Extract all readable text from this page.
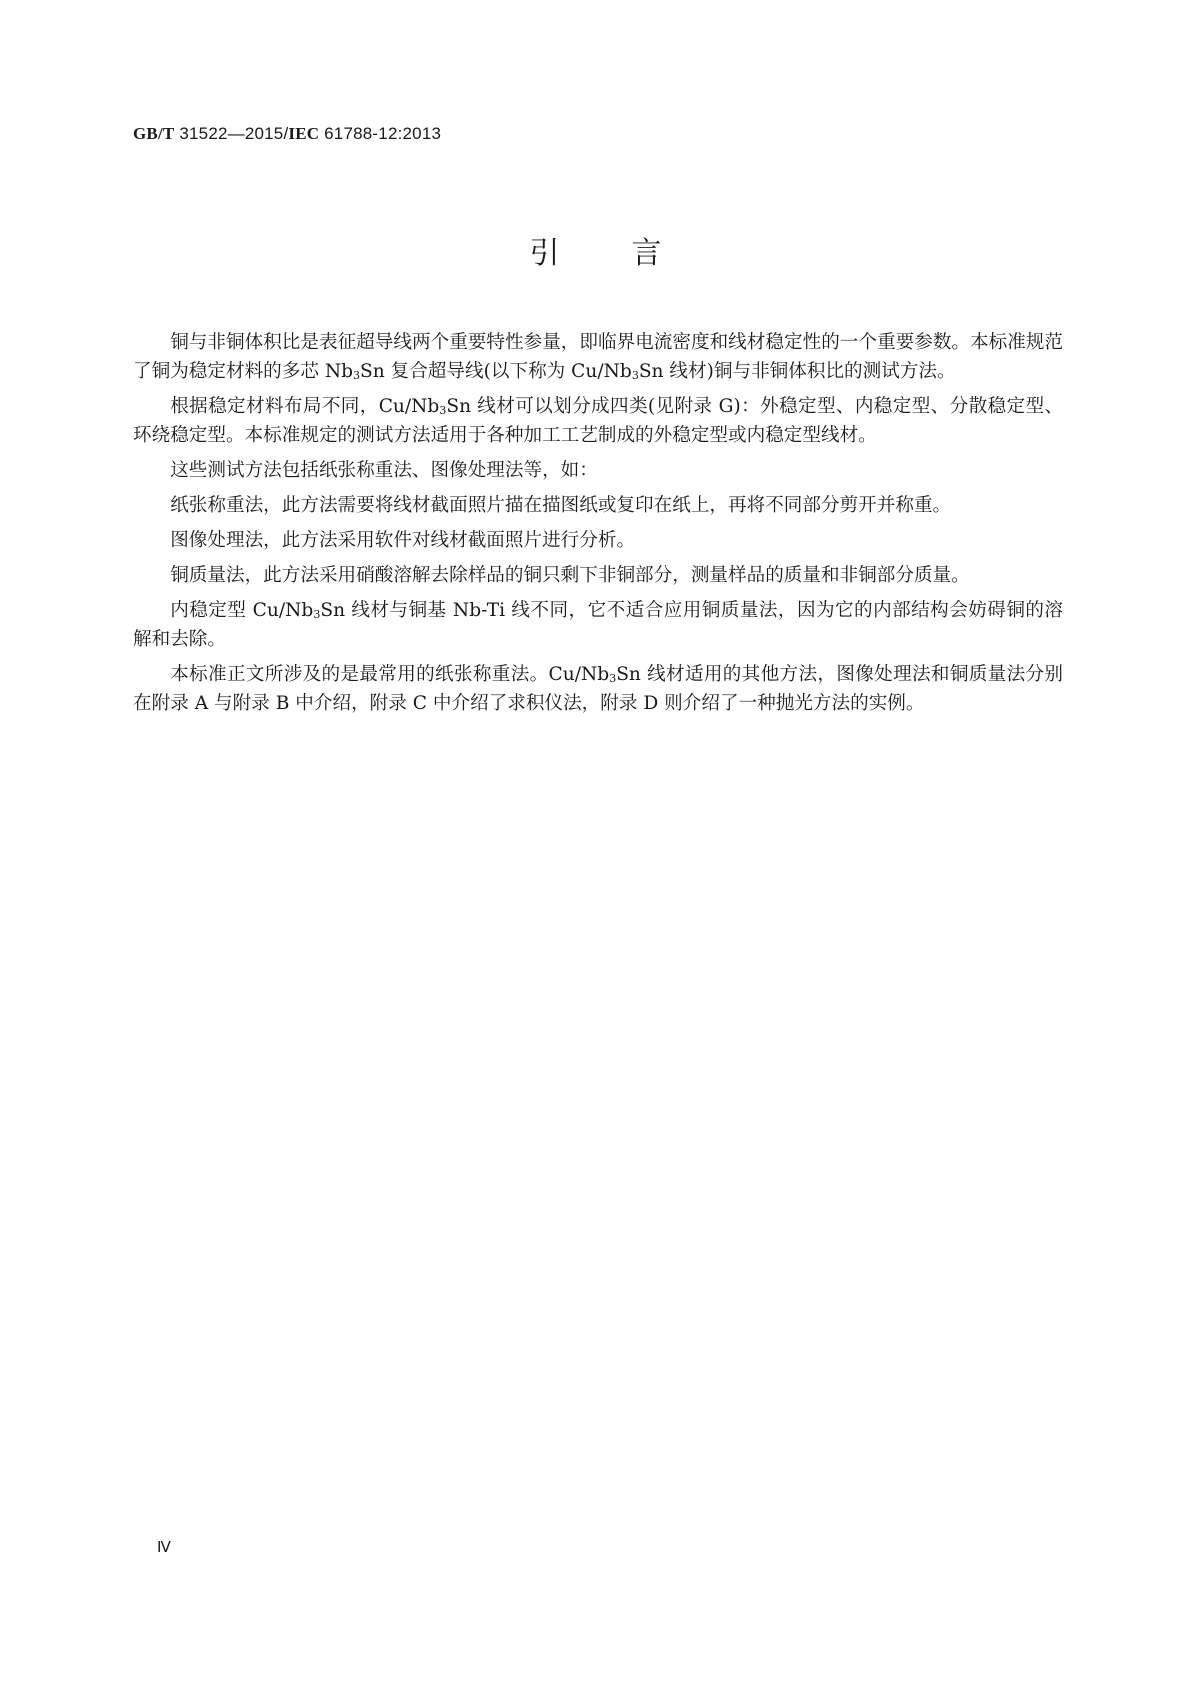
GB/T 31522—2015/IEC 61788-12:2013
引言

铜与非铜体积比是表征超导线两个重要特性参量，即临界电流密度和线材稳定性的一个重要参数。本标准规范了铜为稳定材料的多芯 $Nb_3Sn$ 复合超导线(以下称为 $Cu/Nb_3Sn$ 线材)铜与非铜体积比的测试方法。

根据稳定材料布局不同，$Cu/Nb_3Sn$ 线材可以划分成四类(见附录 G)：外稳定型、内稳定型、分散稳定型、环绕稳定型。本标准规定的测试方法适用于各种加工工艺制成的外稳定型或内稳定型线材。

这些测试方法包括纸张称重法、图像处理法等，如：

纸张称重法，此方法需要将线材截面照片描在描图纸或复印在纸上，再将不同部分剪开并称重。

图像处理法，此方法采用软件对线材截面照片进行分析。

铜质量法，此方法采用硝酸溶解去除样品的铜只剩下非铜部分，测量样品的质量和非铜部分质量。

内稳定型 $Cu/Nb_3Sn$ 线材与铜基 Nb-Ti 线不同，它不适合应用铜质量法，因为它的内部结构会妨碍铜的溶解和去除。

本标准正文所涉及的是最常用的纸张称重法。$Cu/Nb_3Sn$ 线材适用的其他方法，图像处理法和铜质量法分别在附录 A 与附录 B 中介绍，附录 C 中介绍了求积仪法，附录 D 则介绍了一种抛光方法的实例。

Ⅳ
